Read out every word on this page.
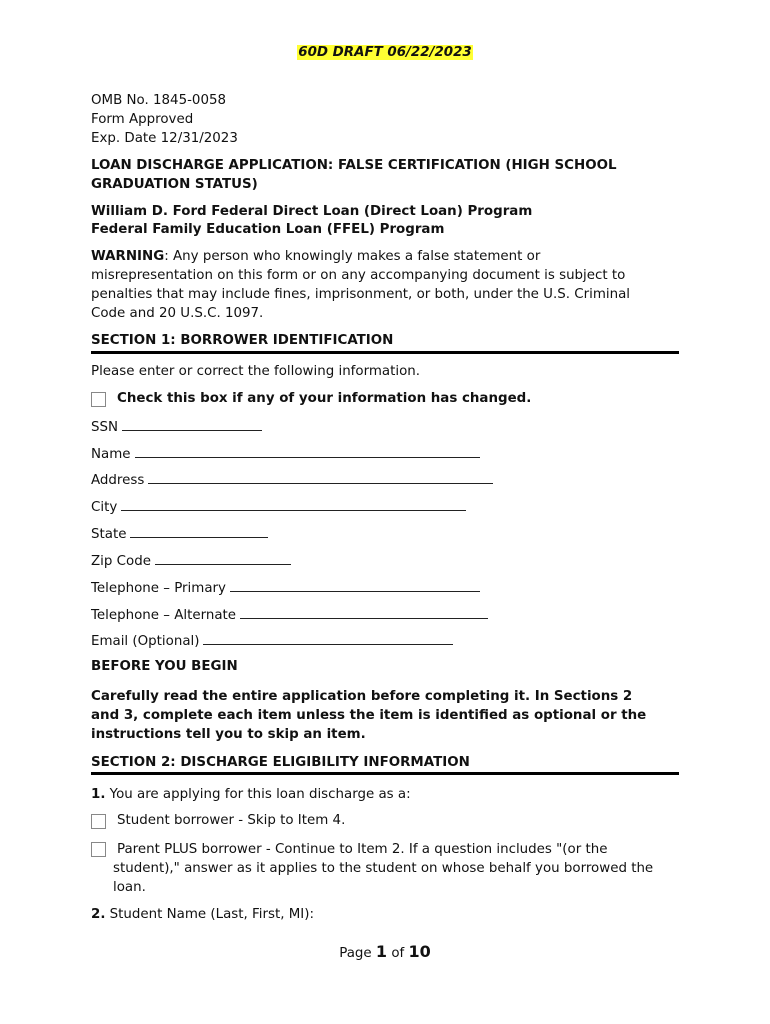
60D DRAFT 06/22/2023
OMB No. 1845-0058
Form Approved
Exp. Date 12/31/2023
LOAN DISCHARGE APPLICATION: FALSE CERTIFICATION (HIGH SCHOOL
GRADUATION STATUS)
William D. Ford Federal Direct Loan (Direct Loan) Program
Federal Family Education Loan (FFEL) Program
WARNING: Any person who knowingly makes a false statement or
misrepresentation on this form or on any accompanying document is subject to
penalties that may include fines, imprisonment, or both, under the U.S. Criminal
Code and 20 U.S.C. 1097.
SECTION 1: BORROWER IDENTIFICATION
Please enter or correct the following information.
Check this box if any of your information has changed.
SSN
Name
Address
City
State
Zip Code
Telephone – Primary
Telephone – Alternate
Email (Optional)
BEFORE YOU BEGIN
Carefully read the entire application before completing it. In Sections 2
and 3, complete each item unless the item is identified as optional or the
instructions tell you to skip an item.
SECTION 2: DISCHARGE ELIGIBILITY INFORMATION
1. You are applying for this loan discharge as a:
Student borrower - Skip to Item 4.
Parent PLUS borrower - Continue to Item 2. If a question includes "(or the
student)," answer as it applies to the student on whose behalf you borrowed the
loan.
2. Student Name (Last, First, MI):
Page 1 of 10
